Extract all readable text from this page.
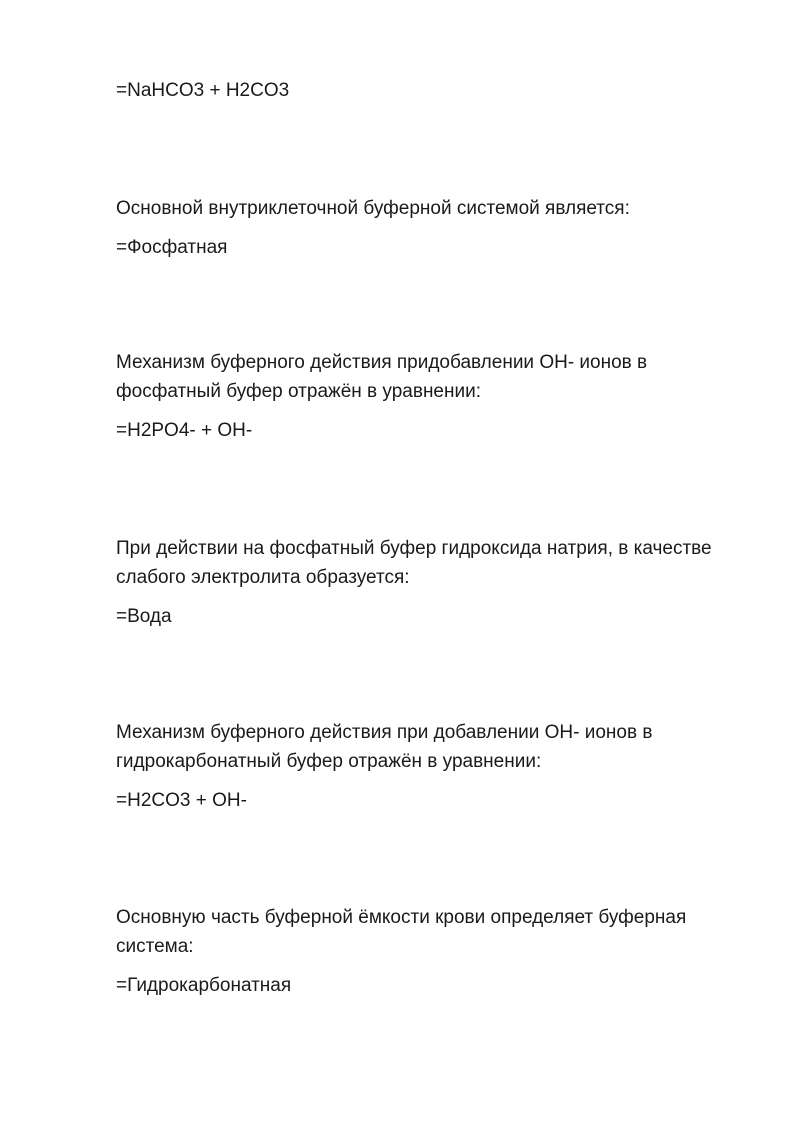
=NaHCO3 + H2CO3

Основной внутриклеточной буферной системой является:

=Фосфатная

Механизм буферного действия придобавлении ОН- ионов в

фосфатный буфер отражён в уравнении:

=H2PO4- + OH-

При действии на фосфатный буфер гидроксида натрия, в качестве

слабого электролита образуется:

=Вода

Механизм буферного действия при добавлении ОН- ионов в

гидрокарбонатный буфер отражён в уравнении:

=H2CO3 + OH-

Основную часть буферной ёмкости крови определяет буферная

система:

=Гидрокарбонатная
